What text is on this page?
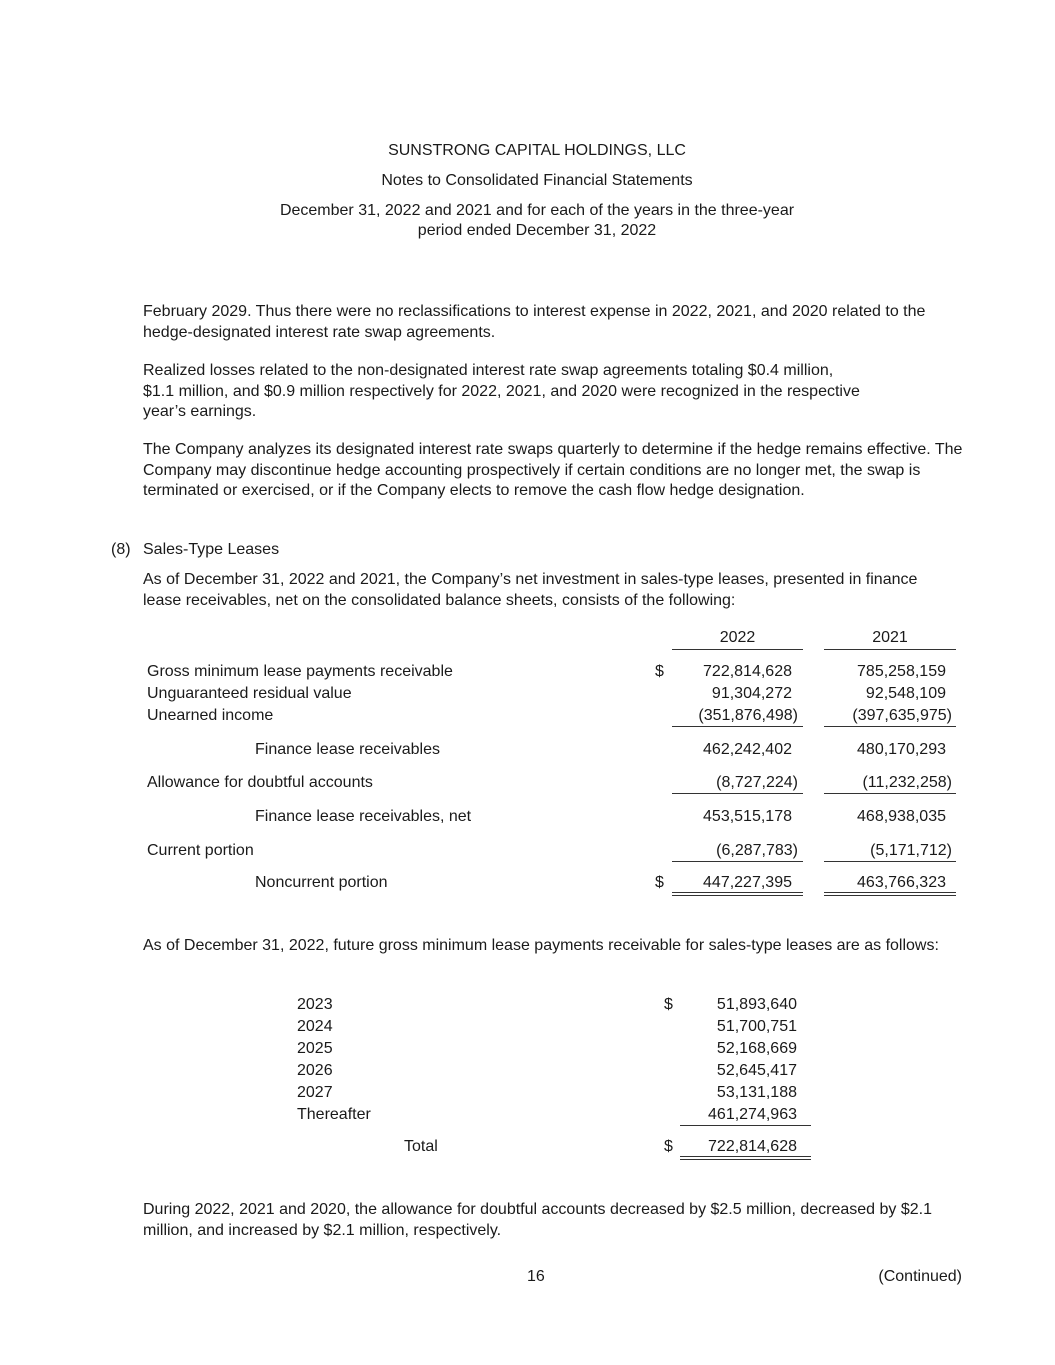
SUNSTRONG CAPITAL HOLDINGS, LLC
Notes to Consolidated Financial Statements
December 31, 2022 and 2021 and for each of the years in the three-year
period ended December 31, 2022
February 2029. Thus there were no reclassifications to interest expense in 2022, 2021, and 2020 related to the hedge-designated interest rate swap agreements.
Realized losses related to the non-designated interest rate swap agreements totaling $0.4 million,
$1.1 million, and $0.9 million respectively for 2022, 2021, and 2020 were recognized in the respective
year’s earnings.
The Company analyzes its designated interest rate swaps quarterly to determine if the hedge remains effective. The Company may discontinue hedge accounting prospectively if certain conditions are no longer met, the swap is terminated or exercised, or if the Company elects to remove the cash flow hedge designation.
(8) Sales-Type Leases
As of December 31, 2022 and 2021, the Company’s net investment in sales-type leases, presented in finance lease receivables, net on the consolidated balance sheets, consists of the following:
2022	2021
Gross minimum lease payments receivable	$	722,814,628	785,258,159
Unguaranteed residual value	91,304,272	92,548,109
Unearned income	(351,876,498)	(397,635,975)
Finance lease receivables	462,242,402	480,170,293
Allowance for doubtful accounts	(8,727,224)	(11,232,258)
Finance lease receivables, net	453,515,178	468,938,035
Current portion	(6,287,783)	(5,171,712)
Noncurrent portion	$	447,227,395	463,766,323
As of December 31, 2022, future gross minimum lease payments receivable for sales-type leases are as follows:
2023	$	51,893,640
2024	51,700,751
2025	52,168,669
2026	52,645,417
2027	53,131,188
Thereafter	461,274,963
Total	$	722,814,628
During 2022, 2021 and 2020, the allowance for doubtful accounts decreased by $2.5 million, decreased by $2.1 million, and increased by $2.1 million, respectively.
16	(Continued)
